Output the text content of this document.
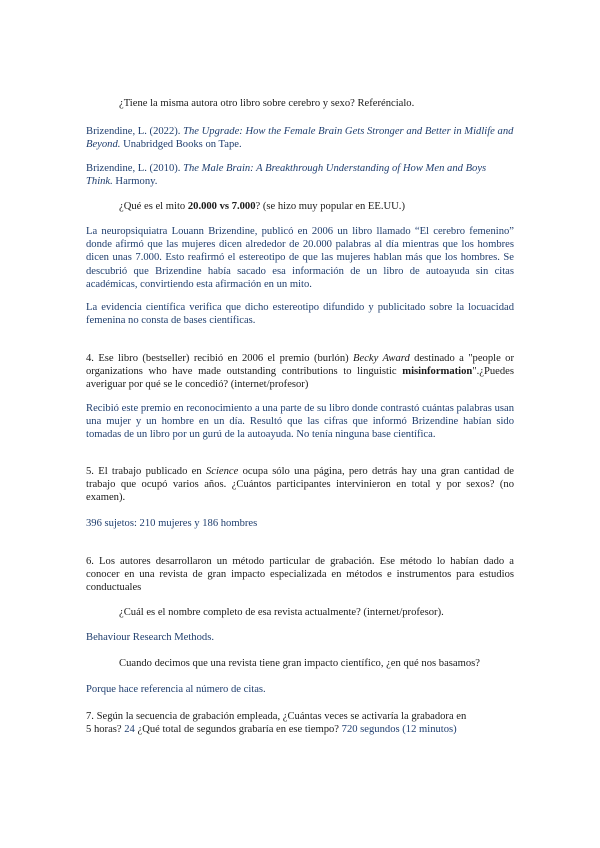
¿Tiene la misma autora otro libro sobre cerebro y sexo? Referéncialo.

Brizendine, L. (2022). The Upgrade: How the Female Brain Gets Stronger and Better in Midlife and Beyond. Unabridged Books on Tape.

Brizendine, L. (2010). The Male Brain: A Breakthrough Understanding of How Men and Boys Think. Harmony.

¿Qué es el mito 20.000 vs 7.000? (se hizo muy popular en EE.UU.)

La neuropsiquiatra Louann Brizendine, publicó en 2006 un libro llamado “El cerebro femenino” donde afirmó que las mujeres dicen alrededor de 20.000 palabras al día mientras que los hombres dicen unas 7.000. Esto reafirmó el estereotipo de que las mujeres hablan más que los hombres. Se descubrió que Brizendine había sacado esa información de un libro de autoayuda sin citas académicas, convirtiendo esta afirmación en un mito.

La evidencia científica verifica que dicho estereotipo difundido y publicitado sobre la locuacidad femenina no consta de bases científicas.

4. Ese libro (bestseller) recibió en 2006 el premio (burlón) Becky Award destinado a "people or organizations who have made outstanding contributions to linguistic misinformation".¿Puedes averiguar por qué se le concedió? (internet/profesor)

Recibió este premio en reconocimiento a una parte de su libro donde contrastó cuántas palabras usan una mujer y un hombre en un día. Resultó que las cifras que informó Brizendine habían sido tomadas de un libro por un gurú de la autoayuda. No tenía ninguna base científica.

5. El trabajo publicado en Science ocupa sólo una página, pero detrás hay una gran cantidad de trabajo que ocupó varios años. ¿Cuántos participantes intervinieron en total y por sexos? (no examen).

396 sujetos: 210 mujeres y 186 hombres

6. Los autores desarrollaron un método particular de grabación. Ese método lo habían dado a conocer en una revista de gran impacto especializada en métodos e instrumentos para estudios conductuales

¿Cuál es el nombre completo de esa revista actualmente? (internet/profesor).

Behaviour Research Methods.

Cuando decimos que una revista tiene gran impacto científico, ¿en qué nos basamos?

Porque hace referencia al número de citas.

7. Según la secuencia de grabación empleada, ¿Cuántas veces se activaría la grabadora en
5 horas? 24 ¿Qué total de segundos grabaría en ese tiempo? 720 segundos (12 minutos)
